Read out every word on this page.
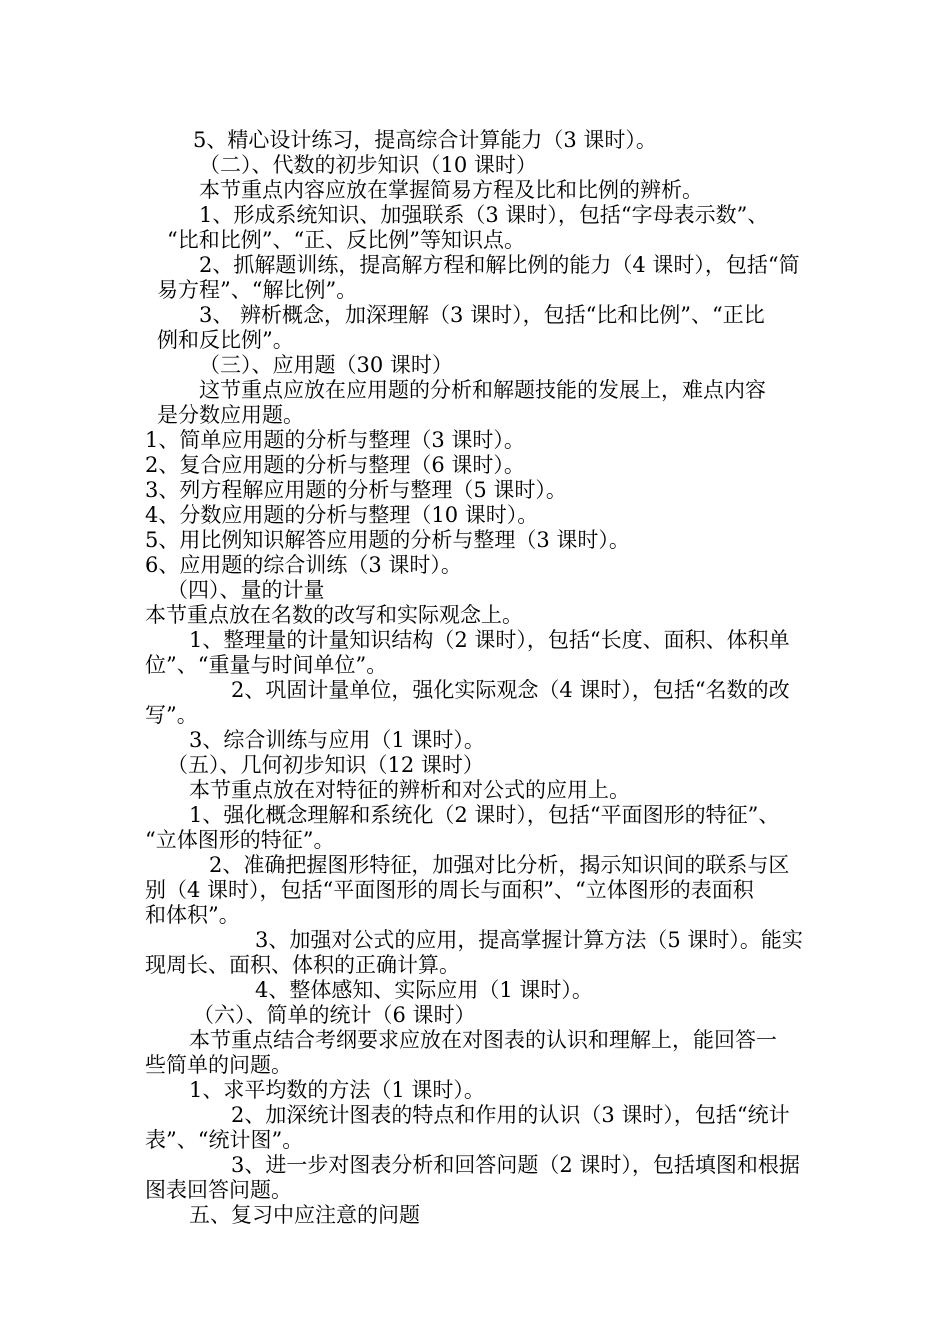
5、精心设计练习，提高综合计算能力（3 课时）。
（二）、代数的初步知识（10 课时）
本节重点内容应放在掌握简易方程及比和比例的辨析。
1、形成系统知识、加强联系（3 课时），包括“字母表示数”、
“比和比例”、“正、反比例”等知识点。
2、抓解题训练，提高解方程和解比例的能力（4 课时），包括“简
易方程”、“解比例”。
3、 辨析概念，加深理解（3 课时），包括“比和比例”、“正比
例和反比例”。
（三）、应用题（30 课时）
这节重点应放在应用题的分析和解题技能的发展上，难点内容
是分数应用题。
1、简单应用题的分析与整理（3 课时）。
2、复合应用题的分析与整理（6 课时）。
3、列方程解应用题的分析与整理（5 课时）。
4、分数应用题的分析与整理（10 课时）。
5、用比例知识解答应用题的分析与整理（3 课时）。
6、应用题的综合训练（3 课时）。
（四）、量的计量
本节重点放在名数的改写和实际观念上。
1、整理量的计量知识结构（2 课时），包括“长度、面积、体积单
位”、“重量与时间单位”。
2、巩固计量单位，强化实际观念（4 课时），包括“名数的改
写”。
3、综合训练与应用（1 课时）。
（五）、几何初步知识（12 课时）
本节重点放在对特征的辨析和对公式的应用上。
1、强化概念理解和系统化（2 课时），包括“平面图形的特征”、
“立体图形的特征”。
2、准确把握图形特征，加强对比分析，揭示知识间的联系与区
别（4 课时），包括“平面图形的周长与面积”、“立体图形的表面积
和体积”。
3、加强对公式的应用，提高掌握计算方法（5 课时）。能实
现周长、面积、体积的正确计算。
4、整体感知、实际应用（1 课时）。
（六）、简单的统计（6 课时）
本节重点结合考纲要求应放在对图表的认识和理解上，能回答一
些简单的问题。
1、求平均数的方法（1 课时）。
2、加深统计图表的特点和作用的认识（3 课时），包括“统计
表”、“统计图”。
3、进一步对图表分析和回答问题（2 课时），包括填图和根据
图表回答问题。
五、复习中应注意的问题
